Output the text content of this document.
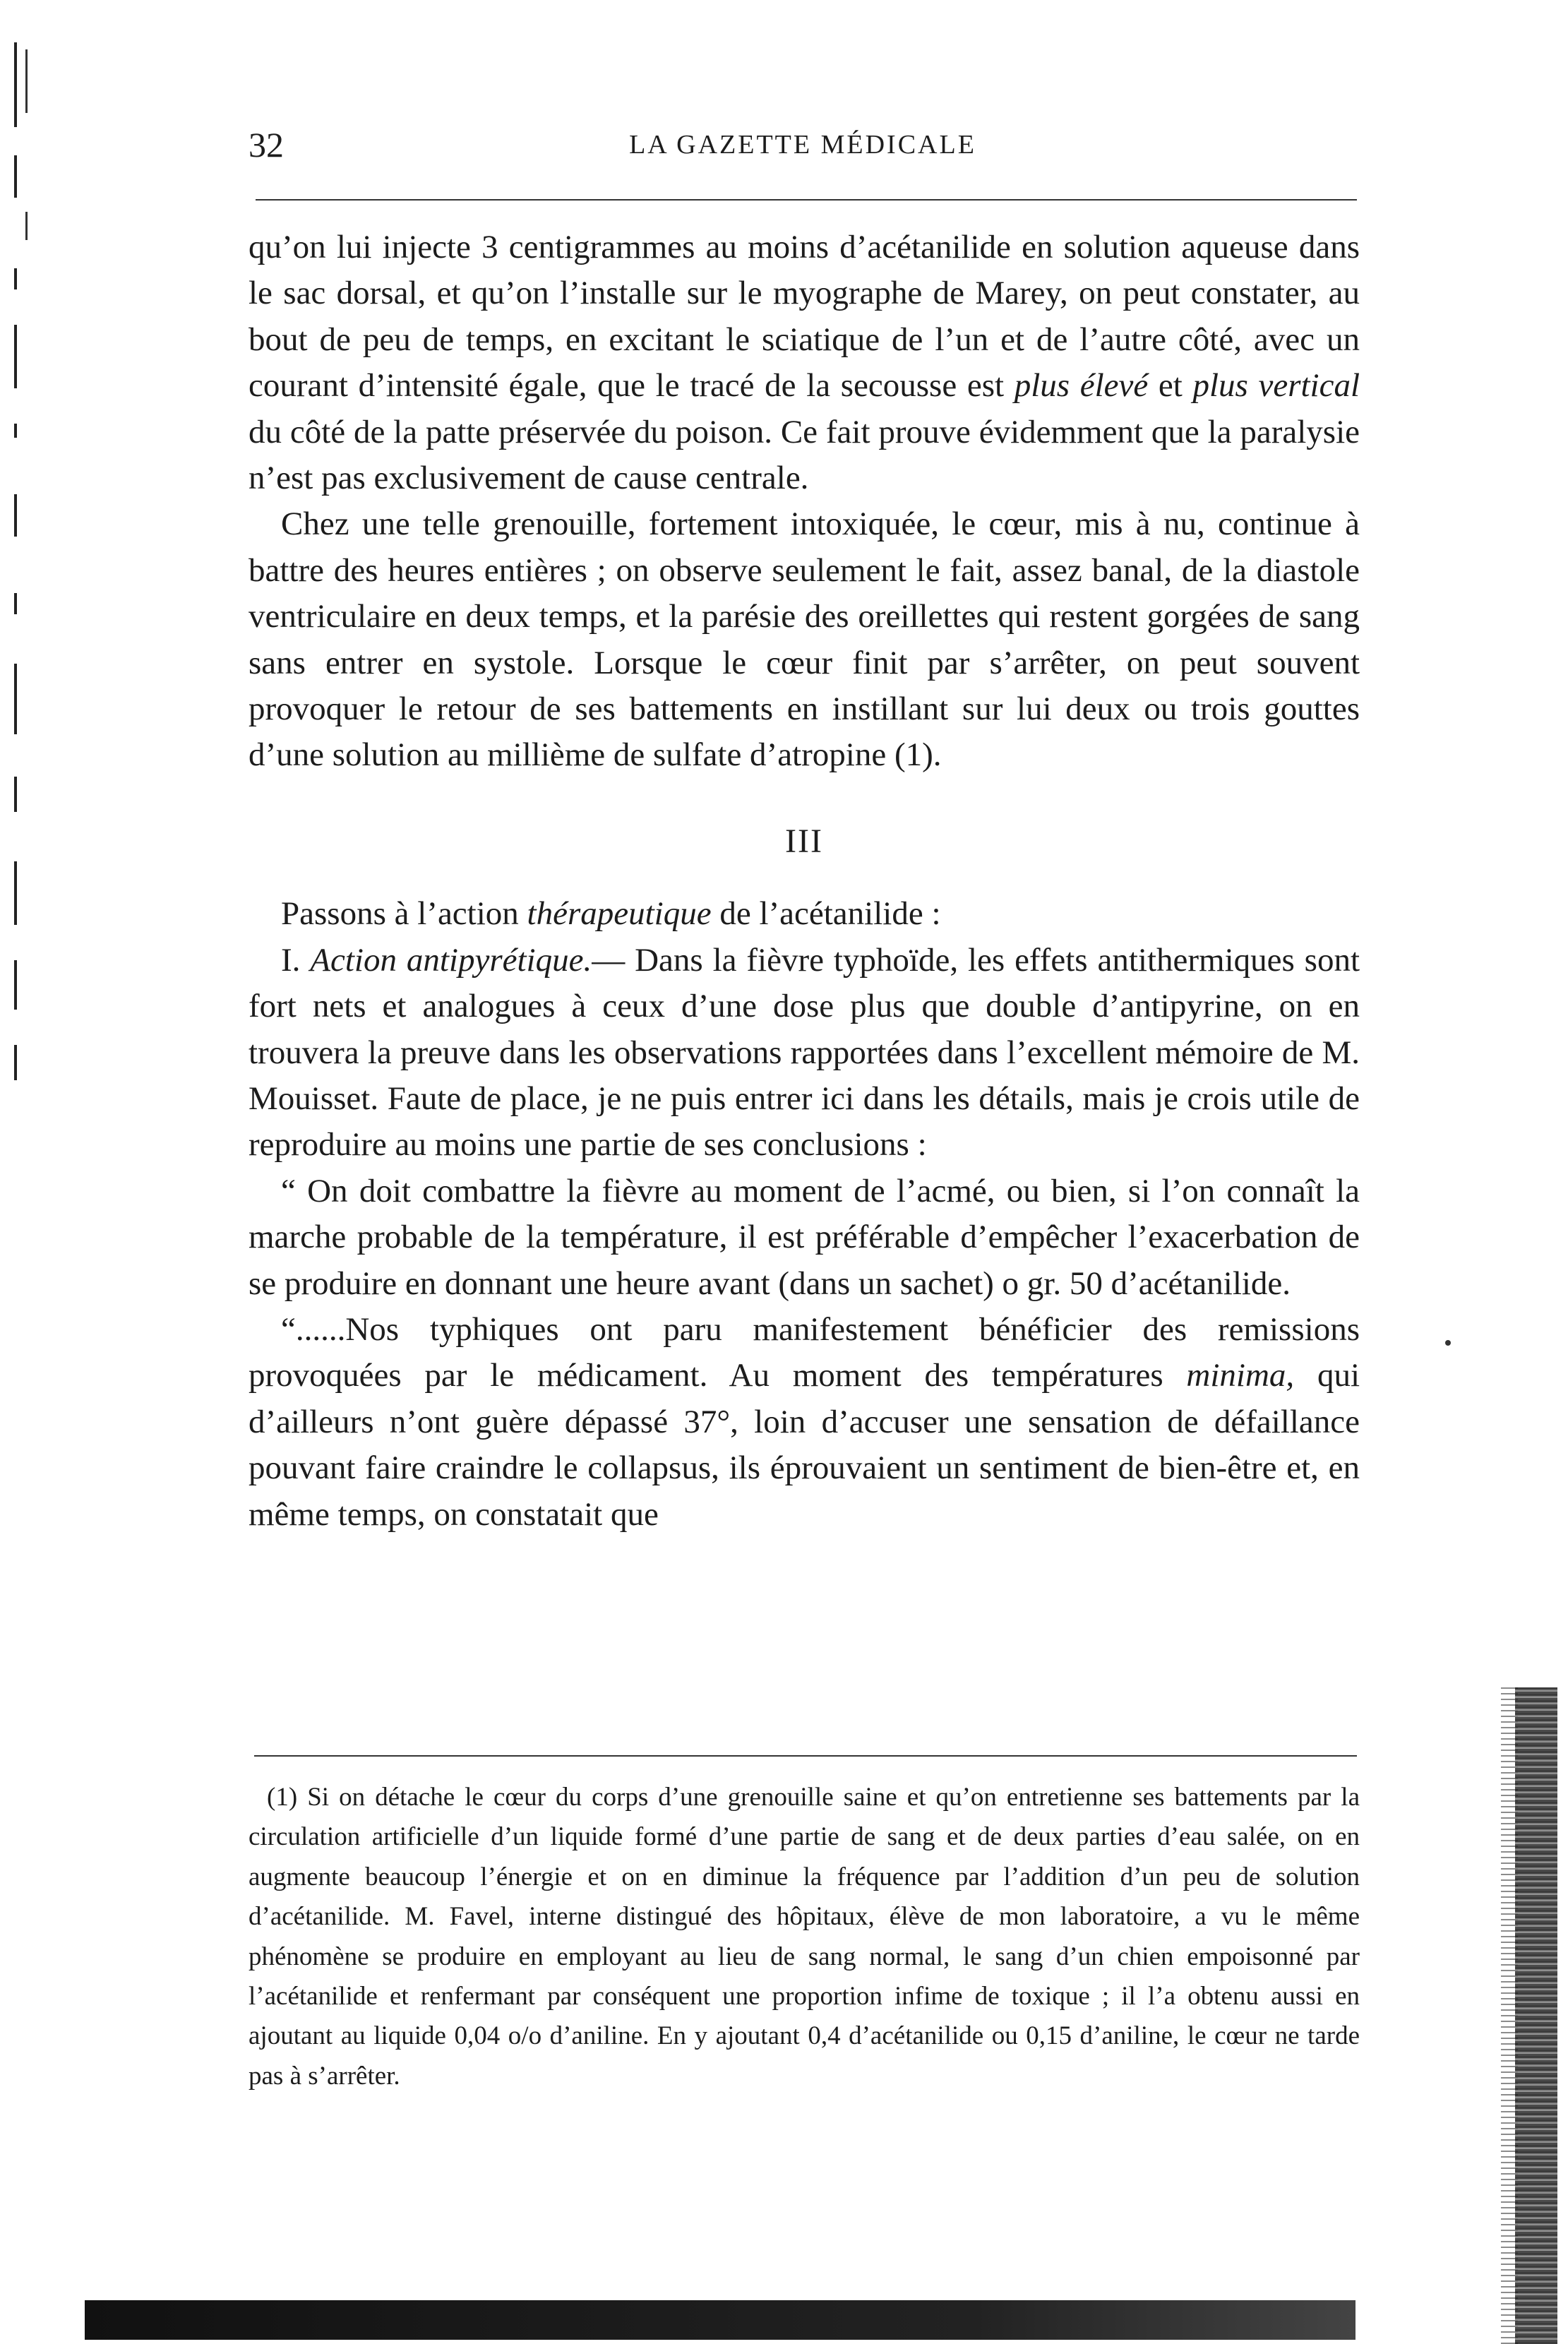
32	LA GAZETTE MÉDICALE

qu’on lui injecte 3 centigrammes au moins d’acétanilide en solution aqueuse dans le sac dorsal, et qu’on l’installe sur le myographe de Marey, on peut constater, au bout de peu de temps, en excitant le sciatique de l’un et de l’autre côté, avec un courant d’intensité égale, que le tracé de la secousse est plus élevé et plus vertical du côté de la patte préservée du poison. Ce fait prouve évidemment que la paralysie n’est pas exclusivement de cause centrale.

Chez une telle grenouille, fortement intoxiquée, le cœur, mis à nu, continue à battre des heures entières ; on observe seulement le fait, assez banal, de la diastole ventriculaire en deux temps, et la parésie des oreillettes qui restent gorgées de sang sans entrer en systole. Lorsque le cœur finit par s’arrêter, on peut souvent provoquer le retour de ses battements en instillant sur lui deux ou trois gouttes d’une solution au millième de sulfate d’atropine (1).

III

Passons à l’action thérapeutique de l’acétanilide :

I. Action antipyrétique.— Dans la fièvre typhoïde, les effets antithermiques sont fort nets et analogues à ceux d’une dose plus que double d’antipyrine, on en trouvera la preuve dans les observations rapportées dans l’excellent mémoire de M. Mouisset. Faute de place, je ne puis entrer ici dans les détails, mais je crois utile de reproduire au moins une partie de ses conclusions :

“ On doit combattre la fièvre au moment de l’acmé, ou bien, si l’on connaît la marche probable de la température, il est préférable d’empêcher l’exacerbation de se produire en donnant une heure avant (dans un sachet) o gr. 50 d’acétanilide.

“......Nos typhiques ont paru manifestement bénéficier des remissions provoquées par le médicament. Au moment des températures minima, qui d’ailleurs n’ont guère dépassé 37°, loin d’accuser une sensation de défaillance pouvant faire craindre le collapsus, ils éprouvaient un sentiment de bien-être et, en même temps, on constatait que

(1) Si on détache le cœur du corps d’une grenouille saine et qu’on entretienne ses battements par la circulation artificielle d’un liquide formé d’une partie de sang et de deux parties d’eau salée, on en augmente beaucoup l’énergie et on en diminue la fréquence par l’addition d’un peu de solution d’acétanilide. M. Favel, interne distingué des hôpitaux, élève de mon laboratoire, a vu le même phénomène se produire en employant au lieu de sang normal, le sang d’un chien empoisonné par l’acétanilide et renfermant par conséquent une proportion infime de toxique ; il l’a obtenu aussi en ajoutant au liquide 0,04 o/o d’aniline. En y ajoutant 0,4 d’acétanilide ou 0,15 d’aniline, le cœur ne tarde pas à s’arrêter.
